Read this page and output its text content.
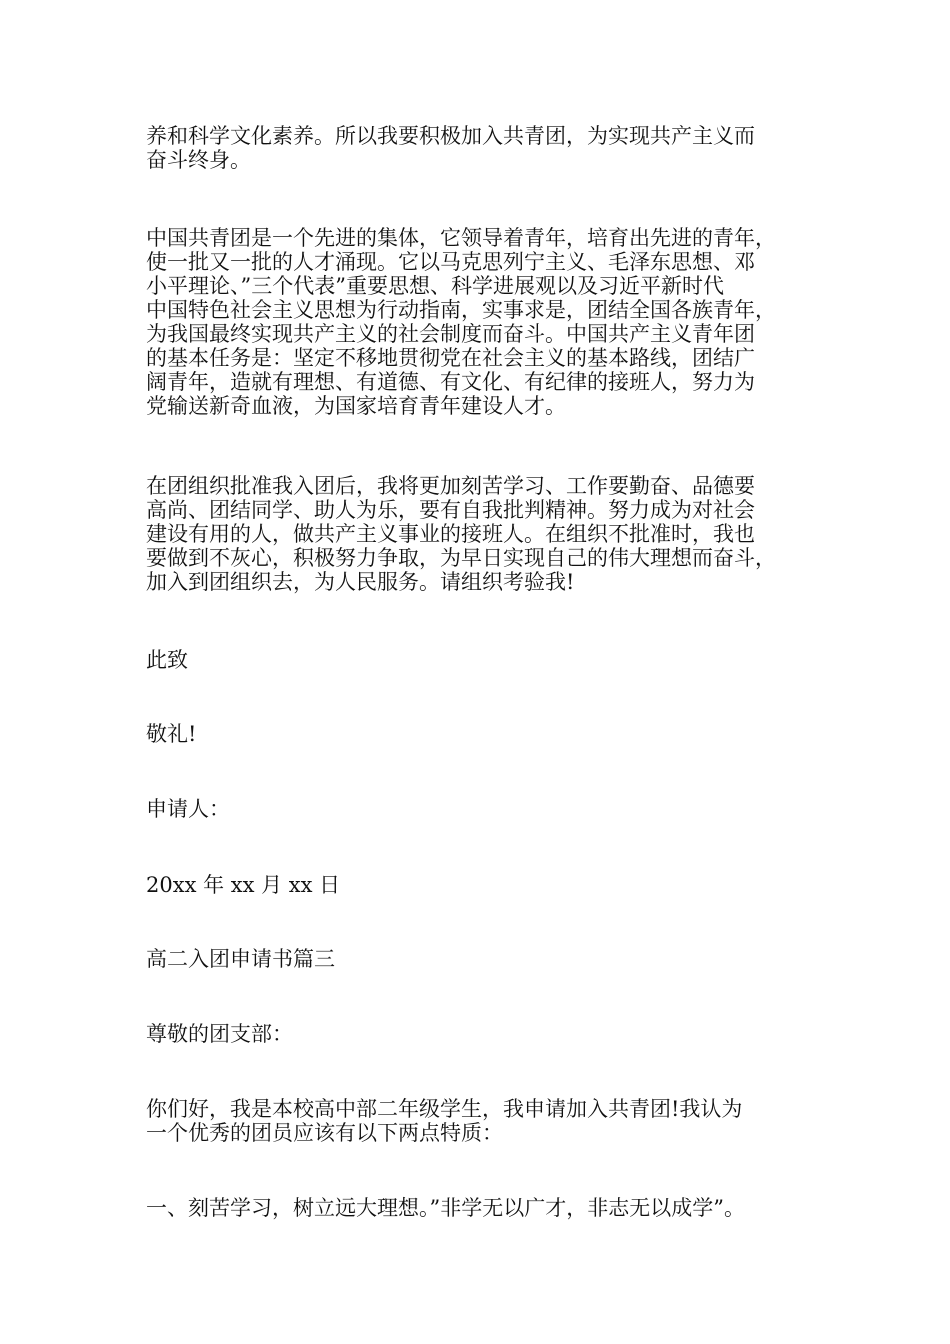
养和科学文化素养。所以我要积极加入共青团，为实现共产主义而
奋斗终身。

中国共青团是一个先进的集体，它领导着青年，培育出先进的青年，
使一批又一批的人才涌现。它以马克思列宁主义、毛泽东思想、邓
小平理论、”三个代表”重要思想、科学进展观以及习近平新时代
中国特色社会主义思想为行动指南，实事求是，团结全国各族青年，
为我国最终实现共产主义的社会制度而奋斗。中国共产主义青年团
的基本任务是：坚定不移地贯彻党在社会主义的基本路线，团结广
阔青年，造就有理想、有道德、有文化、有纪律的接班人，努力为
党输送新奇血液，为国家培育青年建设人才。

在团组织批准我入团后，我将更加刻苦学习、工作要勤奋、品德要
高尚、团结同学、助人为乐，要有自我批判精神。努力成为对社会
建设有用的人，做共产主义事业的接班人。在组织不批准时，我也
要做到不灰心，积极努力争取，为早日实现自己的伟大理想而奋斗，
加入到团组织去，为人民服务。请组织考验我!

此致

敬礼!

申请人：

20xx 年 xx 月 xx 日

高二入团申请书篇三

尊敬的团支部：

你们好，我是本校高中部二年级学生，我申请加入共青团!我认为
一个优秀的团员应该有以下两点特质：

一、刻苦学习，树立远大理想。”非学无以广才，非志无以成学”。
